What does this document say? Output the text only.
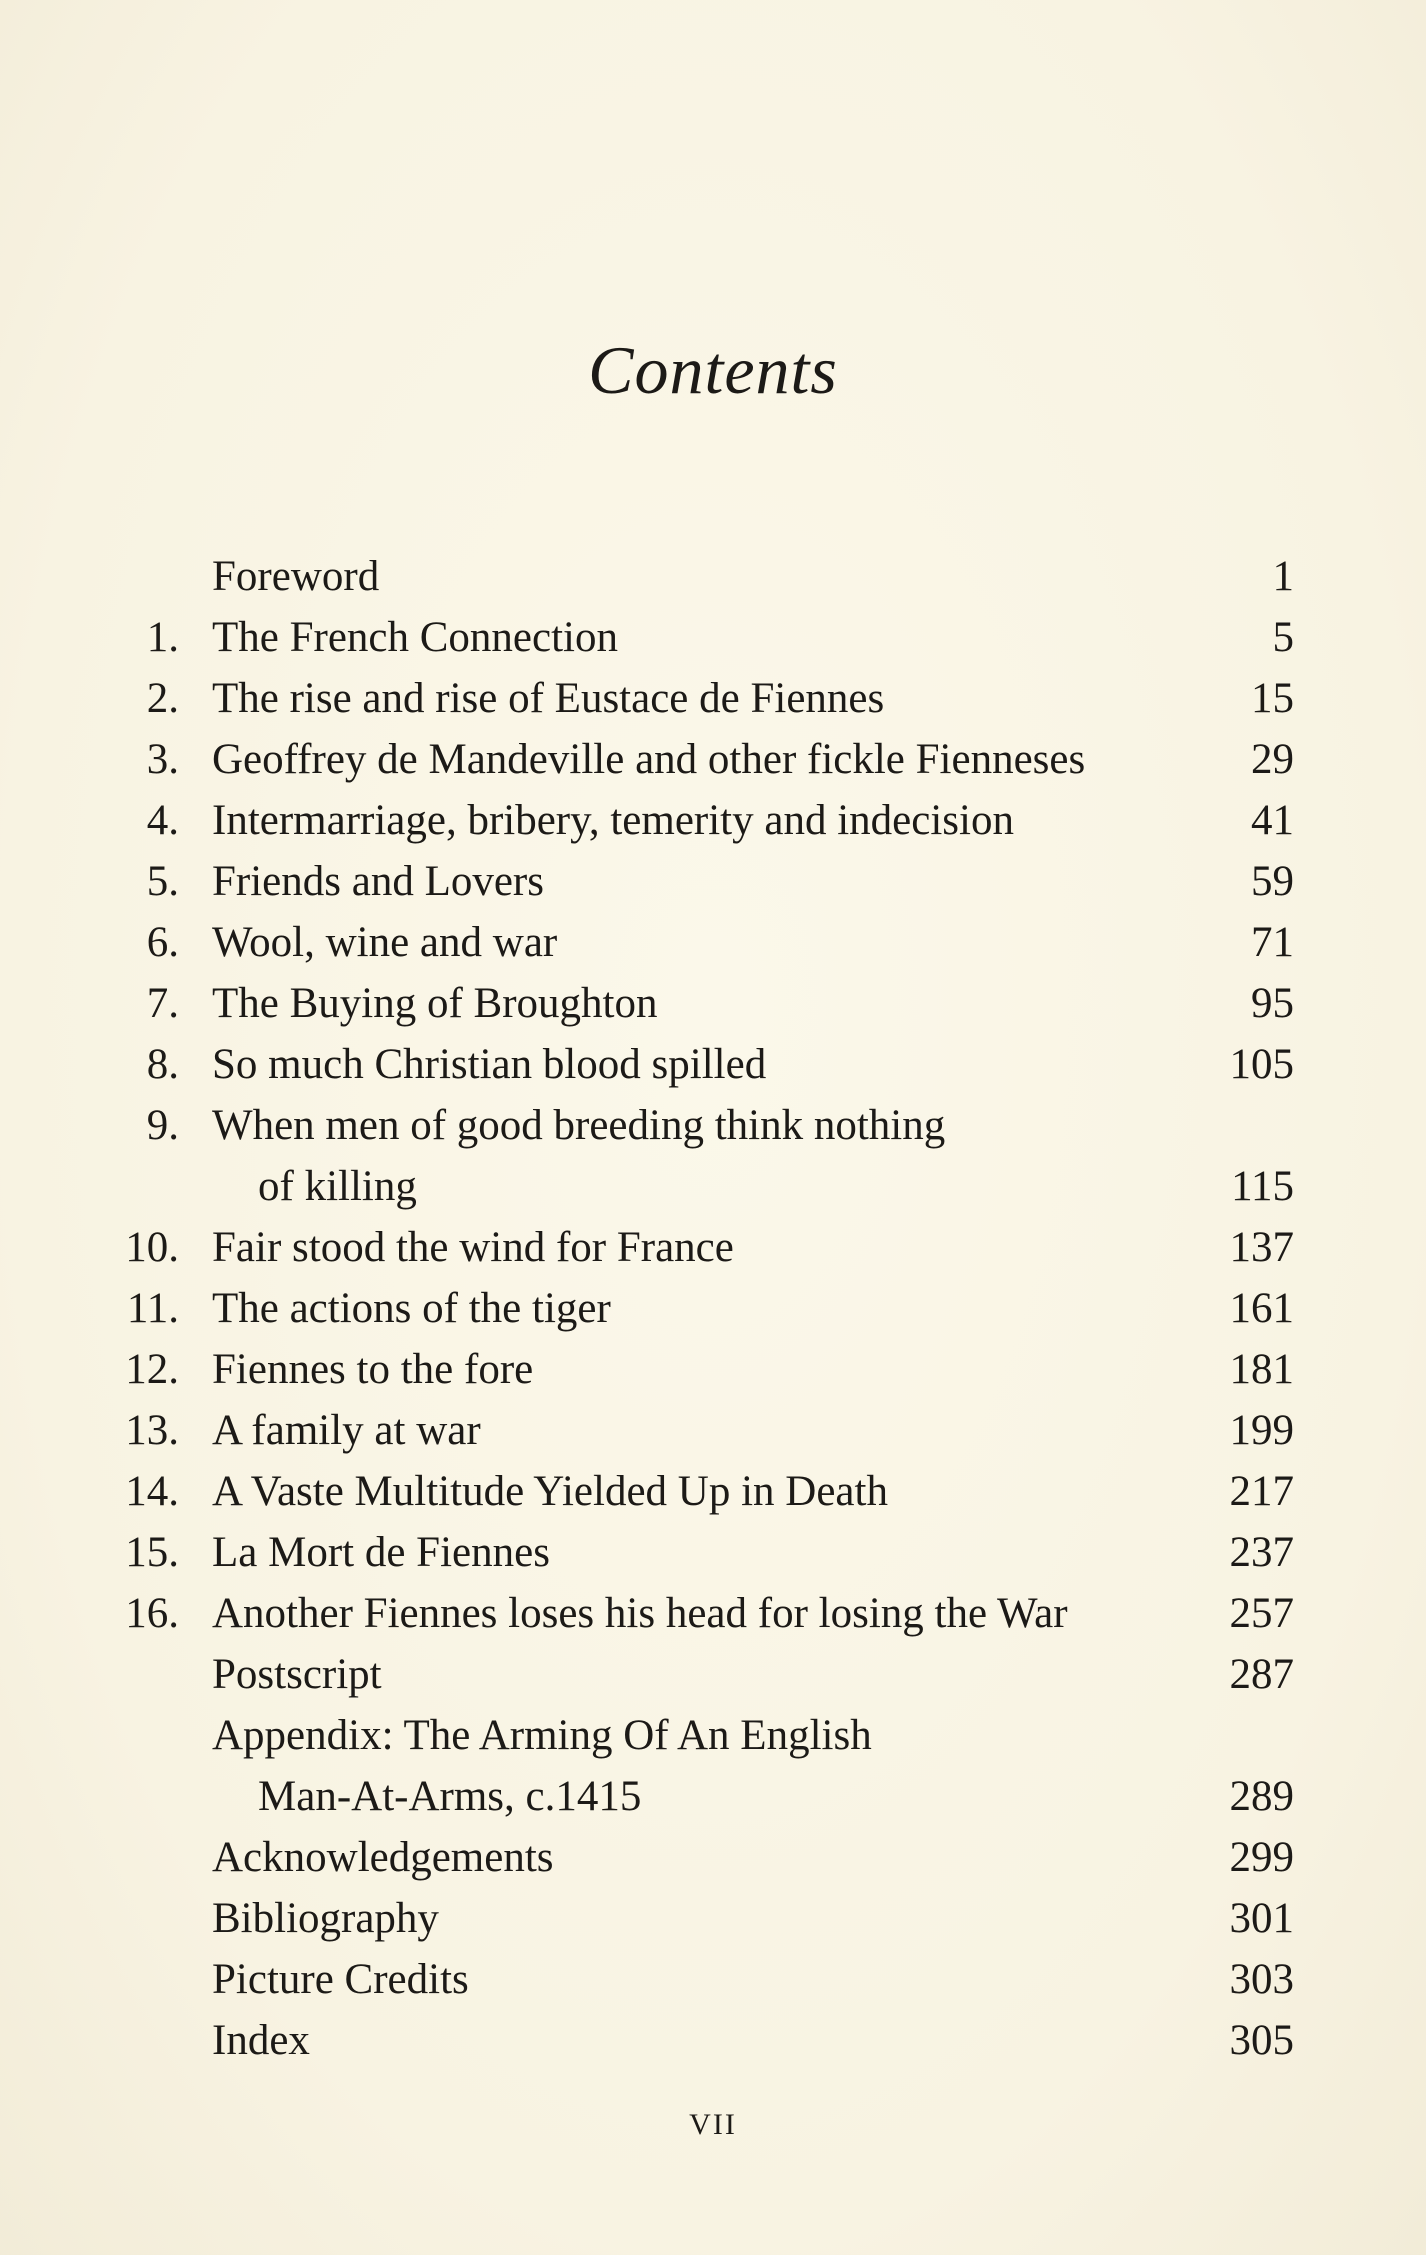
Contents
Foreword	1
1. The French Connection	5
2. The rise and rise of Eustace de Fiennes	15
3. Geoffrey de Mandeville and other fickle Fienneses	29
4. Intermarriage, bribery, temerity and indecision	41
5. Friends and Lovers	59
6. Wool, wine and war	71
7. The Buying of Broughton	95
8. So much Christian blood spilled	105
9. When men of good breeding think nothing
of killing	115
10. Fair stood the wind for France	137
11. The actions of the tiger	161
12. Fiennes to the fore	181
13. A family at war	199
14. A Vaste Multitude Yielded Up in Death	217
15. La Mort de Fiennes	237
16. Another Fiennes loses his head for losing the War	257
Postscript	287
Appendix: The Arming Of An English
Man-At-Arms, c.1415	289
Acknowledgements	299
Bibliography	301
Picture Credits	303
Index	305
VII
